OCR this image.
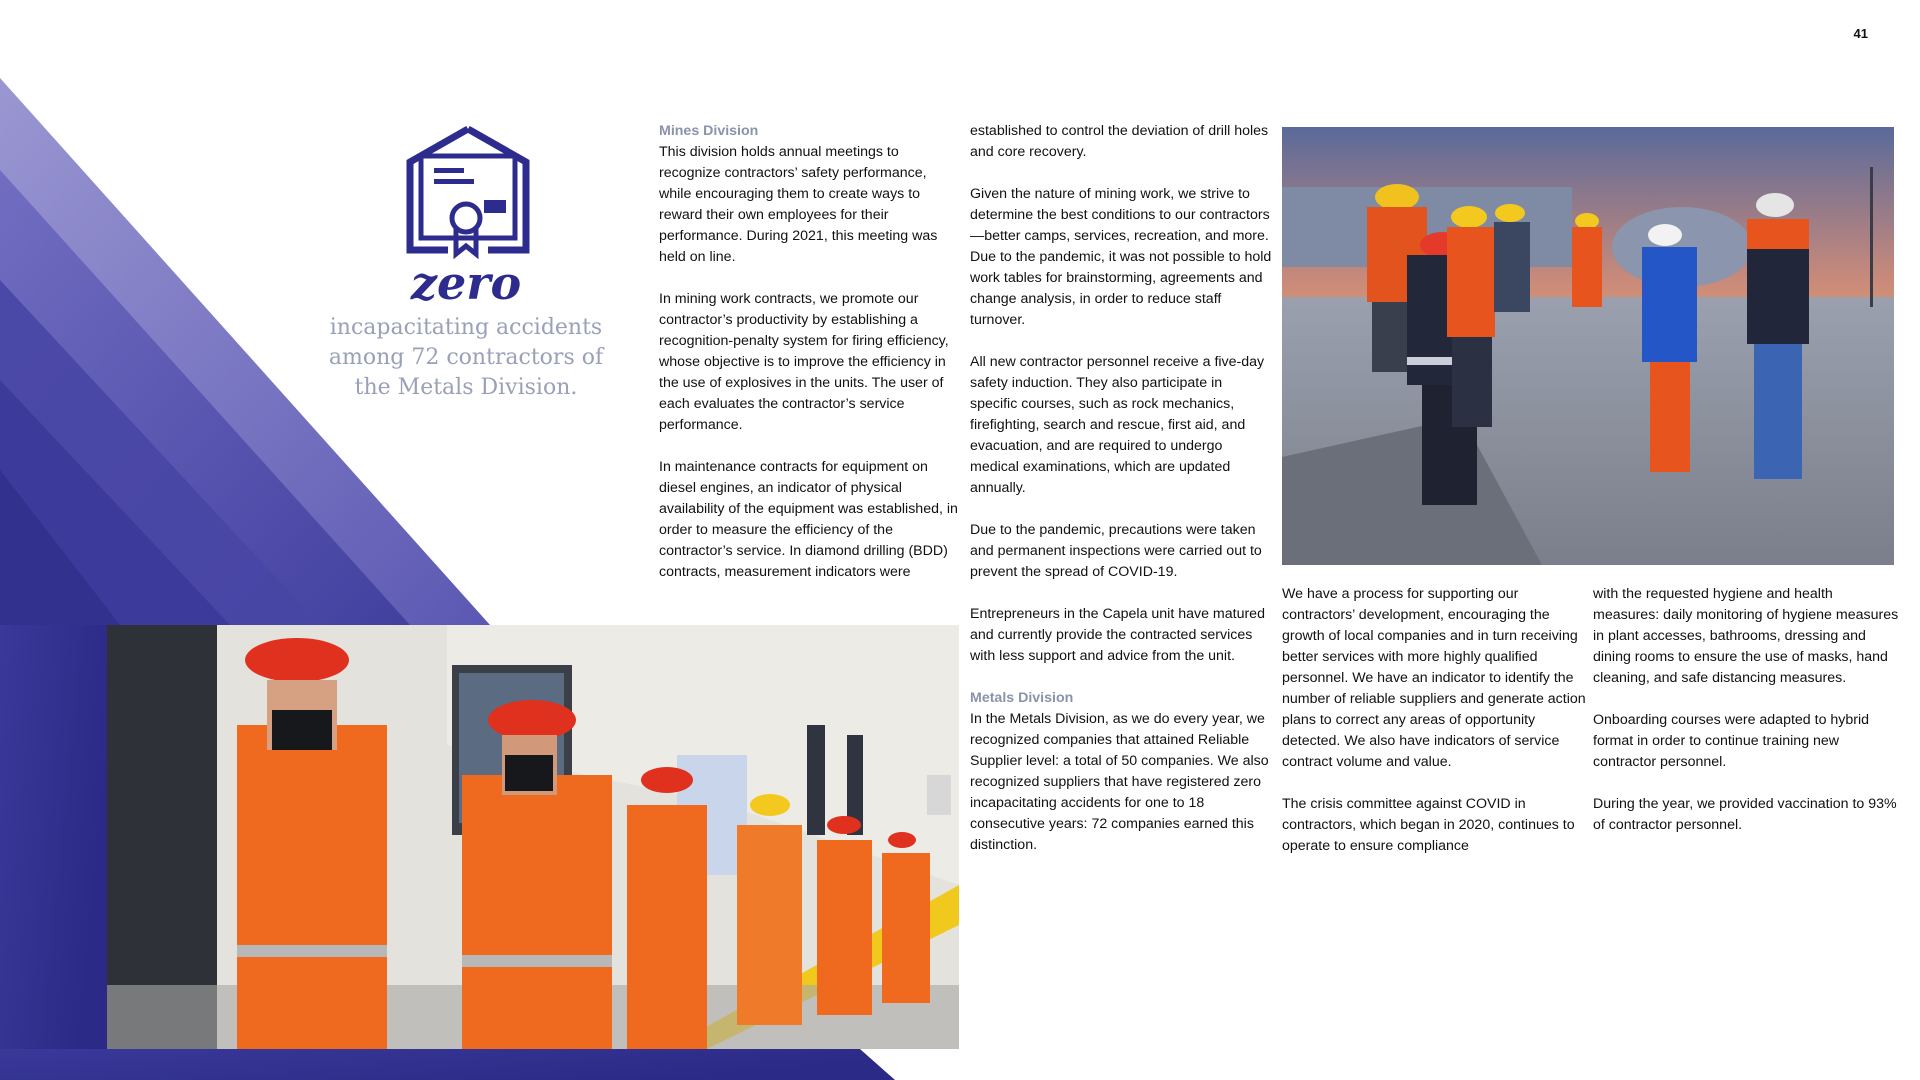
41
zero
incapacitating accidents
among 72 contractors of
the Metals Division.
Mines Division

This division holds annual meetings to recognize contractors’ safety performance, while encouraging them to create ways to reward their own employees for their performance. During 2021, this meeting was held on line.

In mining work contracts, we promote our contractor’s productivity by establishing a recognition-penalty system for firing efficiency, whose objective is to improve the efficiency in the use of explosives in the units. The user of each evaluates the contractor’s service performance.

In maintenance contracts for equipment on diesel engines, an indicator of physical availability of the equipment was established, in order to measure the efficiency of the contractor’s service. In diamond drilling (BDD) contracts, measurement indicators were

established to control the deviation of drill holes and core recovery.

Given the nature of mining work, we strive to determine the best conditions to our contractors—better camps, services, recreation, and more. Due to the pandemic, it was not possible to hold work tables for brainstorming, agreements and change analysis, in order to reduce staff turnover.

All new contractor personnel receive a five-day safety induction. They also participate in specific courses, such as rock mechanics, firefighting, search and rescue, first aid, and evacuation, and are required to undergo medical examinations, which are updated annually.

Due to the pandemic, precautions were taken and permanent inspections were carried out to prevent the spread of COVID-19.

Entrepreneurs in the Capela unit have matured and currently provide the contracted services with less support and advice from the unit.

Metals Division

In the Metals Division, as we do every year, we recognized companies that attained Reliable Supplier level: a total of 50 companies. We also recognized suppliers that have registered zero incapacitating accidents for one to 18 consecutive years: 72 companies earned this distinction.

We have a process for supporting our contractors’ development, encouraging the growth of local companies and in turn receiving better services with more highly qualified personnel. We have an indicator to identify the number of reliable suppliers and generate action plans to correct any areas of opportunity detected. We also have indicators of service contract volume and value.

The crisis committee against COVID in contractors, which began in 2020, continues to operate to ensure compliance

with the requested hygiene and health measures: daily monitoring of hygiene measures in plant accesses, bathrooms, dressing and dining rooms to ensure the use of masks, hand cleaning, and safe distancing measures.

Onboarding courses were adapted to hybrid format in order to continue training new contractor personnel.

During the year, we provided vaccination to 93% of contractor personnel.
